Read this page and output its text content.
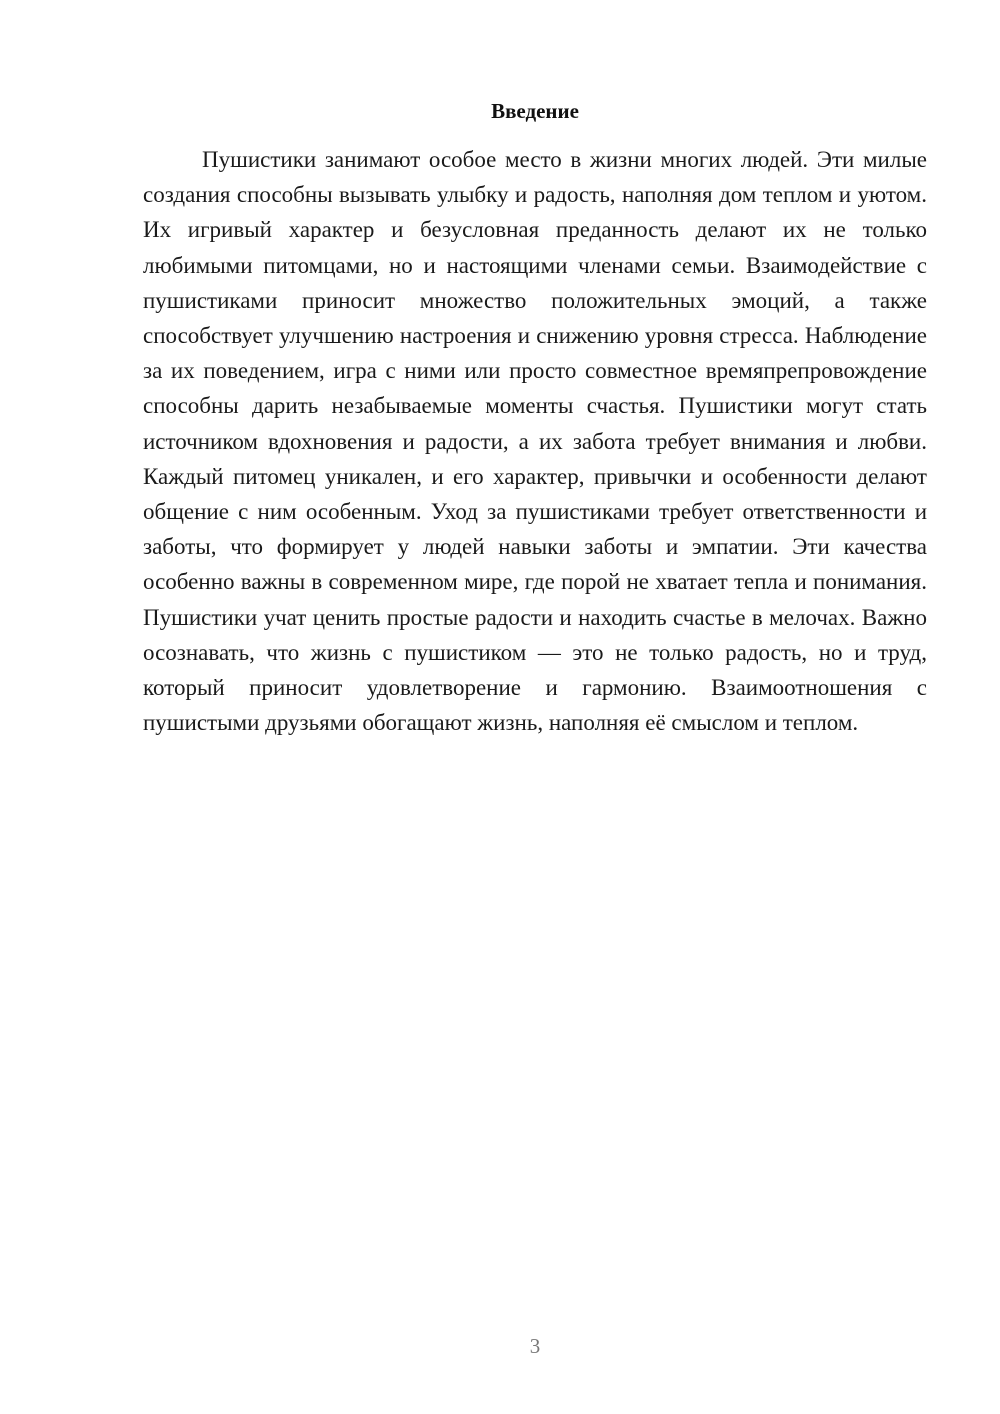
Введение

Пушистики занимают особое место в жизни многих людей. Эти милые создания способны вызывать улыбку и радость, наполняя дом теплом и уютом. Их игривый характер и безусловная преданность делают их не только любимыми питомцами, но и настоящими членами семьи. Взаимодействие с пушистиками приносит множество положительных эмоций, а также способствует улучшению настроения и снижению уровня стресса. Наблюдение за их поведением, игра с ними или просто совместное времяпрепровождение способны дарить незабываемые моменты счастья. Пушистики могут стать источником вдохновения и радости, а их забота требует внимания и любви. Каждый питомец уникален, и его характер, привычки и особенности делают общение с ним особенным. Уход за пушистиками требует ответственности и заботы, что формирует у людей навыки заботы и эмпатии. Эти качества особенно важны в современном мире, где порой не хватает тепла и понимания. Пушистики учат ценить простые радости и находить счастье в мелочах. Важно осознавать, что жизнь с пушистиком — это не только радость, но и труд, который приносит удовлетворение и гармонию. Взаимоотношения с пушистыми друзьями обогащают жизнь, наполняя её смыслом и теплом.

3
